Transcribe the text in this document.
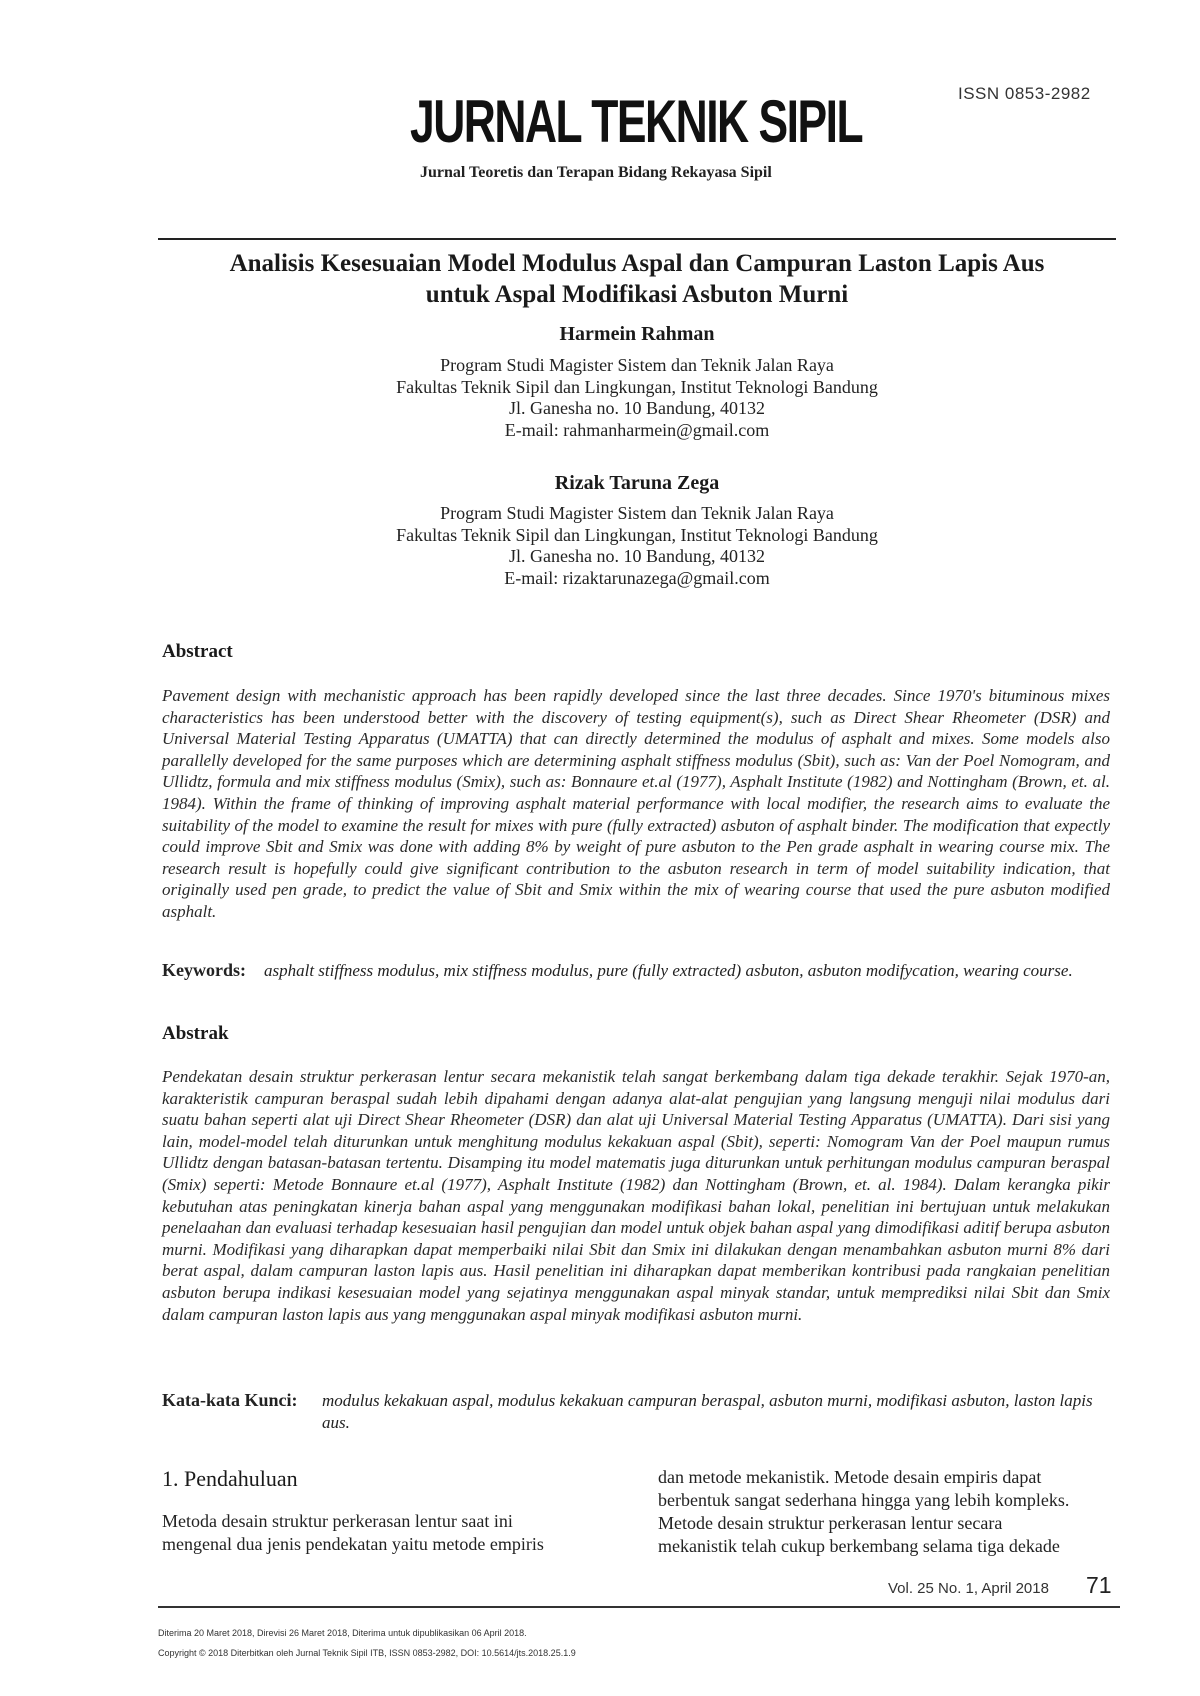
ISSN 0853-2982
JURNAL TEKNIK SIPIL
Jurnal Teoretis dan Terapan Bidang Rekayasa Sipil
Analisis Kesesuaian Model Modulus Aspal dan Campuran Laston Lapis Aus
untuk Aspal Modifikasi Asbuton Murni
Harmein Rahman
Program Studi Magister Sistem dan Teknik Jalan Raya
Fakultas Teknik Sipil dan Lingkungan, Institut Teknologi Bandung
Jl. Ganesha no. 10 Bandung, 40132
E-mail: rahmanharmein@gmail.com
Rizak Taruna Zega
Program Studi Magister Sistem dan Teknik Jalan Raya
Fakultas Teknik Sipil dan Lingkungan, Institut Teknologi Bandung
Jl. Ganesha no. 10 Bandung, 40132
E-mail: rizaktarunazega@gmail.com
Abstract
Pavement design with mechanistic approach has been rapidly developed since the last three decades. Since 1970's bituminous mixes characteristics has been understood better with the discovery of testing equipment(s), such as Direct Shear Rheometer (DSR) and Universal Material Testing Apparatus (UMATTA) that can directly determined the modulus of asphalt and mixes. Some models also parallelly developed for the same purposes which are determining asphalt stiffness modulus (Sbit), such as: Van der Poel Nomogram, and Ullidtz, formula and mix stiffness modulus (Smix), such as: Bonnaure et.al (1977), Asphalt Institute (1982) and Nottingham (Brown, et. al. 1984). Within the frame of thinking of improving asphalt material performance with local modifier, the research aims to evaluate the suitability of the model to examine the result for mixes with pure (fully extracted) asbuton of asphalt binder. The modification that expectly could improve Sbit and Smix was done with adding 8% by weight of pure asbuton to the Pen grade asphalt in wearing course mix. The research result is hopefully could give significant contribution to the asbuton research in term of model suitability indication, that originally used pen grade, to predict the value of Sbit and Smix within the mix of wearing course that used the pure asbuton modified asphalt.
Keywords:	asphalt stiffness modulus, mix stiffness modulus, pure (fully extracted) asbuton, asbuton modifycation, wearing course.
Abstrak
Pendekatan desain struktur perkerasan lentur secara mekanistik telah sangat berkembang dalam tiga dekade terakhir. Sejak 1970-an, karakteristik campuran beraspal sudah lebih dipahami dengan adanya alat-alat pengujian yang langsung menguji nilai modulus dari suatu bahan seperti alat uji Direct Shear Rheometer (DSR) dan alat uji Universal Material Testing Apparatus (UMATTA). Dari sisi yang lain, model-model telah diturunkan untuk menghitung modulus kekakuan aspal (Sbit), seperti: Nomogram Van der Poel maupun rumus Ullidtz dengan batasan-batasan tertentu. Disamping itu model matematis juga diturunkan untuk perhitungan modulus campuran beraspal (Smix) seperti: Metode Bonnaure et.al (1977), Asphalt Institute (1982) dan Nottingham (Brown, et. al. 1984). Dalam kerangka pikir kebutuhan atas peningkatan kinerja bahan aspal yang menggunakan modifikasi bahan lokal, penelitian ini bertujuan untuk melakukan penelaahan dan evaluasi terhadap kesesuaian hasil pengujian dan model untuk objek bahan aspal yang dimodifikasi aditif berupa asbuton murni. Modifikasi yang diharapkan dapat memperbaiki nilai Sbit dan Smix ini dilakukan dengan menambahkan asbuton murni 8% dari berat aspal, dalam campuran laston lapis aus. Hasil penelitian ini diharapkan dapat memberikan kontribusi pada rangkaian penelitian asbuton berupa indikasi kesesuaian model yang sejatinya menggunakan aspal minyak standar, untuk memprediksi nilai Sbit dan Smix dalam campuran laston lapis aus yang menggunakan aspal minyak modifikasi asbuton murni.
Kata-kata Kunci:	modulus kekakuan aspal, modulus kekakuan campuran beraspal, asbuton murni, modifikasi asbuton, laston lapis aus.
1. Pendahuluan
Metoda desain struktur perkerasan lentur saat ini
mengenal dua jenis pendekatan yaitu metode empiris
dan metode mekanistik. Metode desain empiris dapat
berbentuk sangat sederhana hingga yang lebih kompleks.
Metode desain struktur perkerasan lentur secara
mekanistik telah cukup berkembang selama tiga dekade
Vol. 25 No. 1, April 2018 71
Diterima 20 Maret 2018, Direvisi 26 Maret 2018, Diterima untuk dipublikasikan 06 April 2018.
Copyright © 2018 Diterbitkan oleh Jurnal Teknik Sipil ITB, ISSN 0853-2982, DOI: 10.5614/jts.2018.25.1.9
